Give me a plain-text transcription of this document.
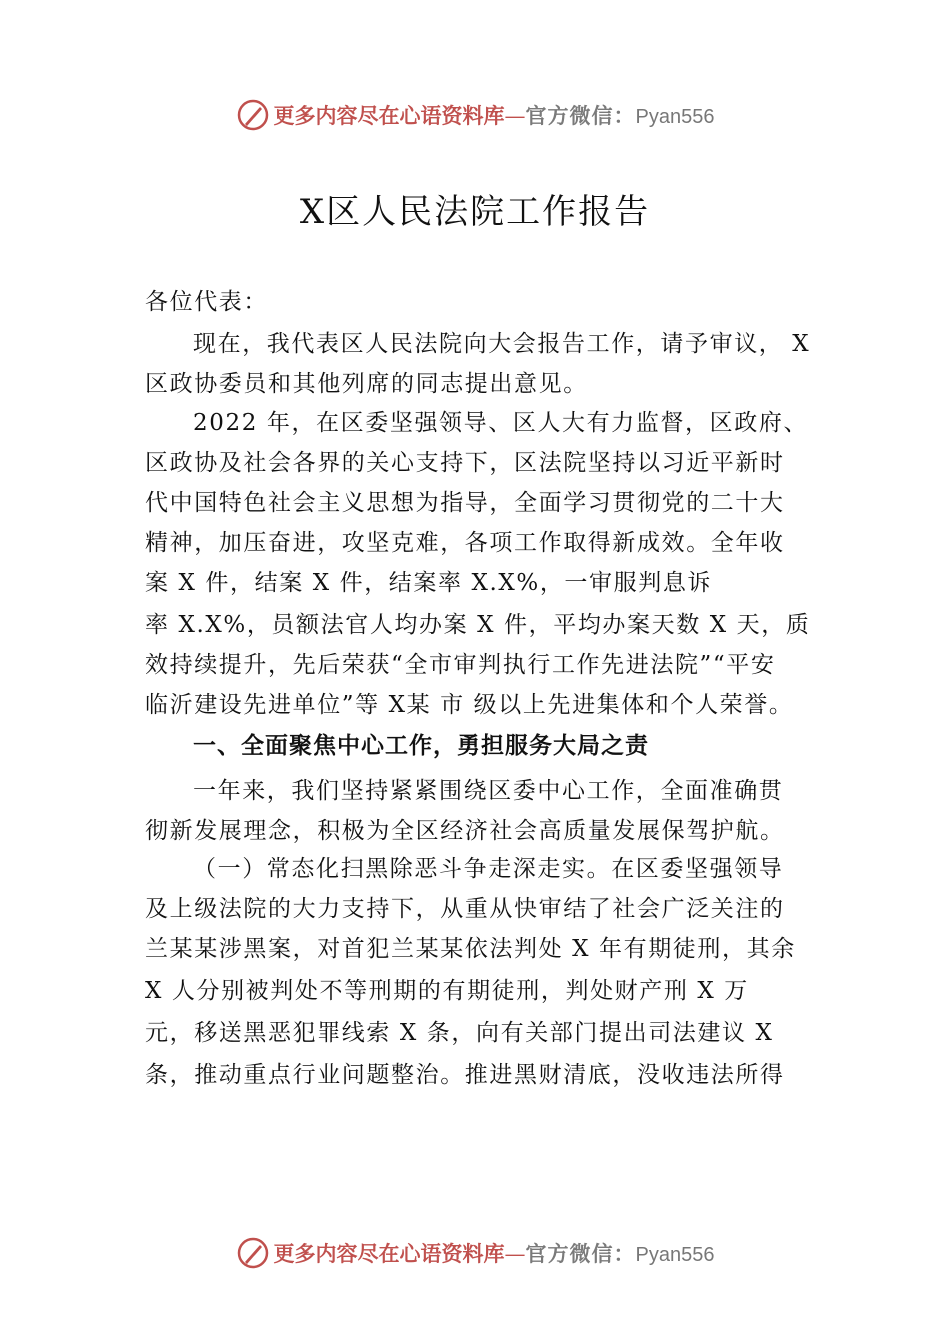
更多内容尽在心语资料库—官方微信：Pyan556
X区人民法院工作报告
各位代表：
现在，我代表区人民法院向大会报告工作，请予审议， X
区政协委员和其他列席的同志提出意见。
2022 年，在区委坚强领导、区人大有力监督，区政府、
区政协及社会各界的关心支持下，区法院坚持以习近平新时
代中国特色社会主义思想为指导，全面学习贯彻党的二十大
精神，加压奋进，攻坚克难，各项工作取得新成效。全年收
案 X 件，结案 X 件，结案率 X.X%，一审服判息诉
率 X.X%，员额法官人均办案 X 件，平均办案天数 X 天，质
效持续提升，先后荣获“全市审判执行工作先进法院”“平安
临沂建设先进单位”等 X某 市 级以上先进集体和个人荣誉。
一、全面聚焦中心工作，勇担服务大局之责
一年来，我们坚持紧紧围绕区委中心工作，全面准确贯
彻新发展理念，积极为全区经济社会高质量发展保驾护航。
（一）常态化扫黑除恶斗争走深走实。在区委坚强领导
及上级法院的大力支持下，从重从快审结了社会广泛关注的
兰某某涉黑案，对首犯兰某某依法判处 X 年有期徒刑，其余
X 人分别被判处不等刑期的有期徒刑，判处财产刑 X 万
元，移送黑恶犯罪线索 X 条，向有关部门提出司法建议 X
条，推动重点行业问题整治。推进黑财清底，没收违法所得
更多内容尽在心语资料库—官方微信：Pyan556
